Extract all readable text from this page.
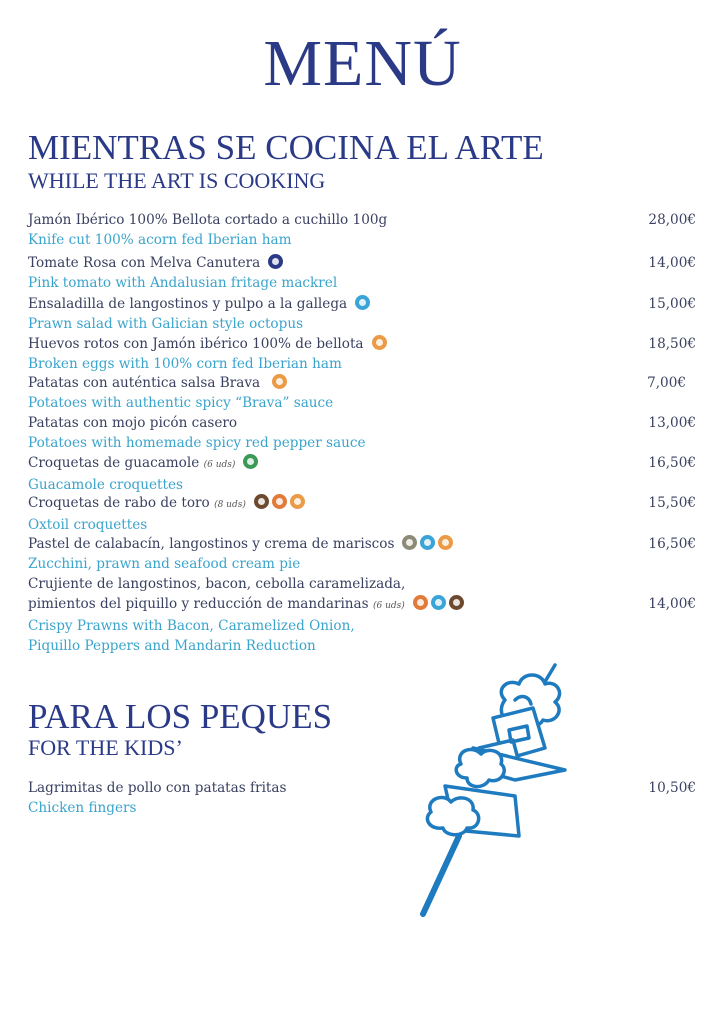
MENÚ
MIENTRAS SE COCINA EL ARTE
WHILE THE ART IS COOKING
Jamón Ibérico 100% Bellota cortado a cuchillo 100g
Knife cut 100% acorn fed Iberian ham
28,00€
Tomate Rosa con Melva Canutera
Pink tomato with Andalusian fritage mackrel
14,00€
Ensaladilla de langostinos y pulpo a la gallega
Prawn salad with Galician style octopus
15,00€
Huevos rotos con Jamón ibérico 100% de bellota
Broken eggs with 100% corn fed Iberian ham
18,50€
Patatas con auténtica salsa Brava
Potatoes with authentic spicy “Brava” sauce
7,00€
Patatas con mojo picón casero
Potatoes with homemade spicy red pepper sauce
13,00€
Croquetas de guacamole (6 uds)
Guacamole croquettes
16,50€
Croquetas de rabo de toro (8 uds)
Oxtoil croquettes
15,50€
Pastel de calabacín, langostinos y crema de mariscos
Zucchini, prawn and seafood cream pie
16,50€
Crujiente de langostinos, bacon, cebolla caramelizada,
pimientos del piquillo y reducción de mandarinas (6 uds)
Crispy Prawns with Bacon, Caramelized Onion,
Piquillo Peppers and Mandarin Reduction
14,00€
PARA LOS PEQUES
FOR THE KIDS’
Lagrimitas de pollo con patatas fritas
Chicken fingers
10,50€
